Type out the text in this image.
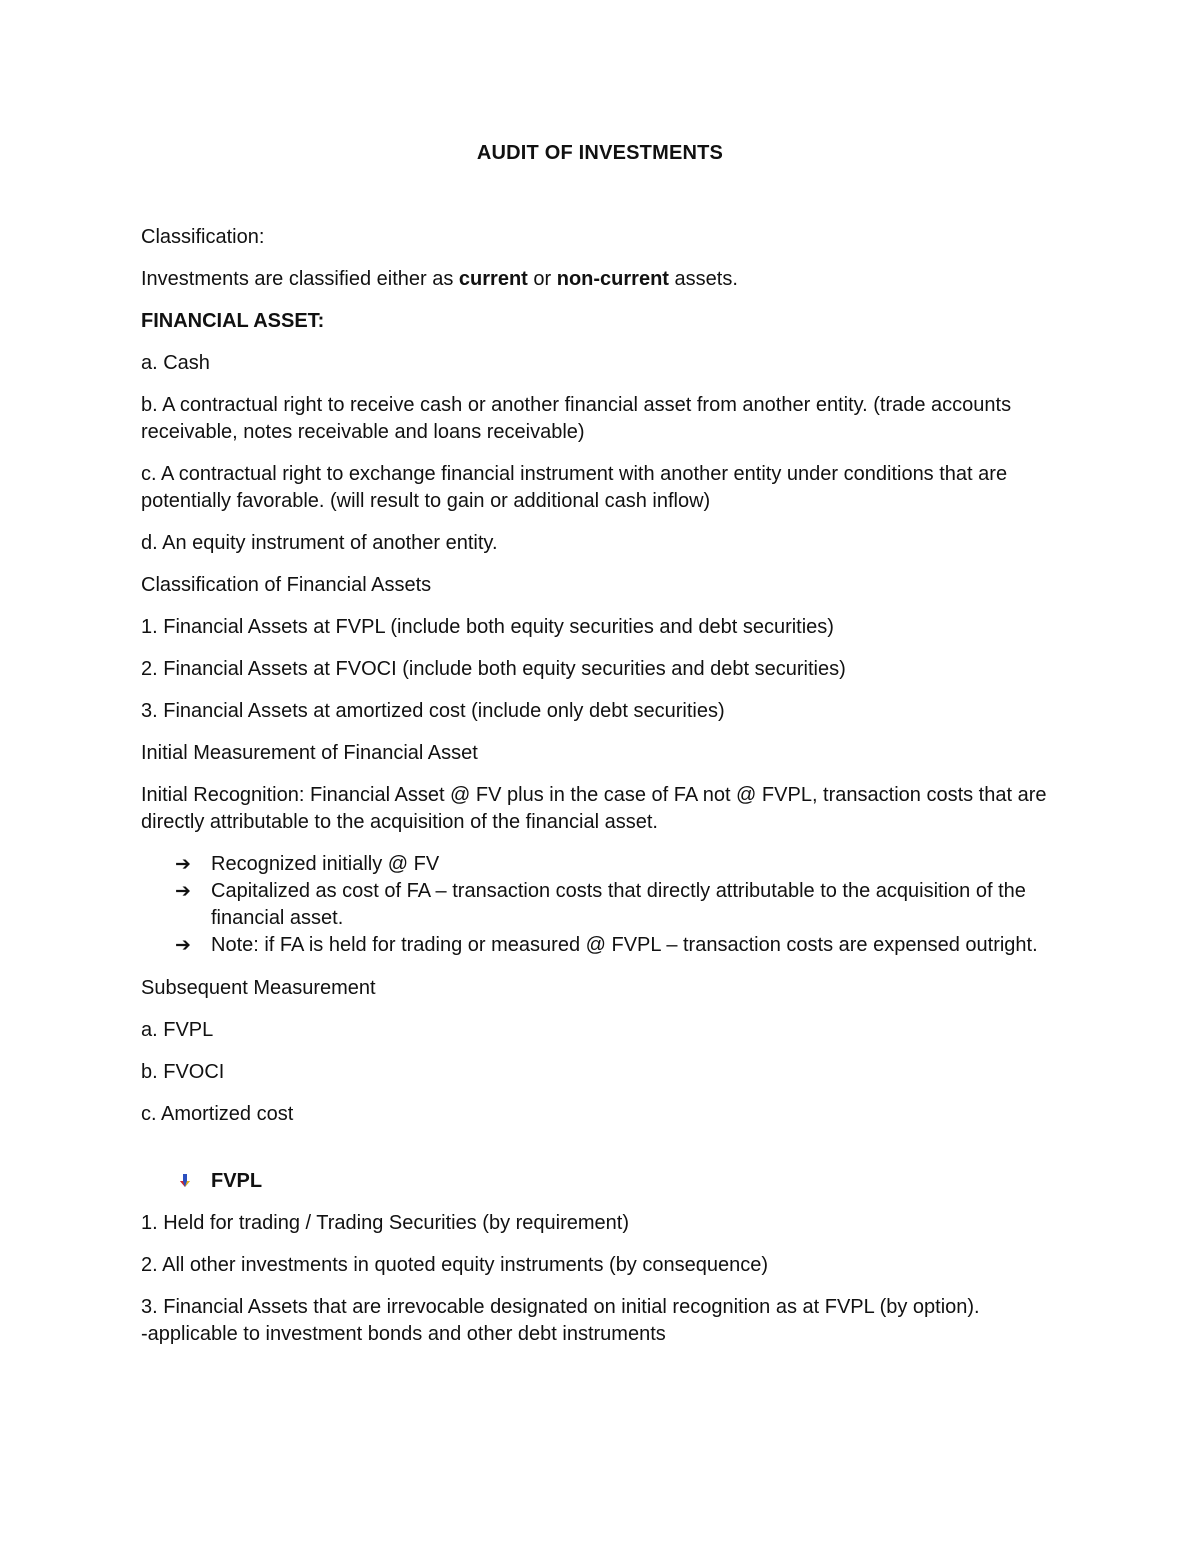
AUDIT OF INVESTMENTS
Classification:
Investments are classified either as current or non-current assets.
FINANCIAL ASSET:
a. Cash
b. A contractual right to receive cash or another financial asset from another entity. (trade accounts receivable, notes receivable and loans receivable)
c. A contractual right to exchange financial instrument with another entity under conditions that are potentially favorable. (will result to gain or additional cash inflow)
d. An equity instrument of another entity.
Classification of Financial Assets
1. Financial Assets at FVPL (include both equity securities and debt securities)
2. Financial Assets at FVOCI (include both equity securities and debt securities)
3. Financial Assets at amortized cost (include only debt securities)
Initial Measurement of Financial Asset
Initial Recognition: Financial Asset @ FV plus in the case of FA not @ FVPL, transaction costs that are directly attributable to the acquisition of the financial asset.
➔ Recognized initially @ FV
➔ Capitalized as cost of FA – transaction costs that directly attributable to the acquisition of the financial asset.
➔ Note: if FA is held for trading or measured @ FVPL – transaction costs are expensed outright.
Subsequent Measurement
a. FVPL
b. FVOCI
c. Amortized cost
FVPL
1. Held for trading / Trading Securities (by requirement)
2. All other investments in quoted equity instruments (by consequence)
3. Financial Assets that are irrevocable designated on initial recognition as at FVPL (by option).
-applicable to investment bonds and other debt instruments
